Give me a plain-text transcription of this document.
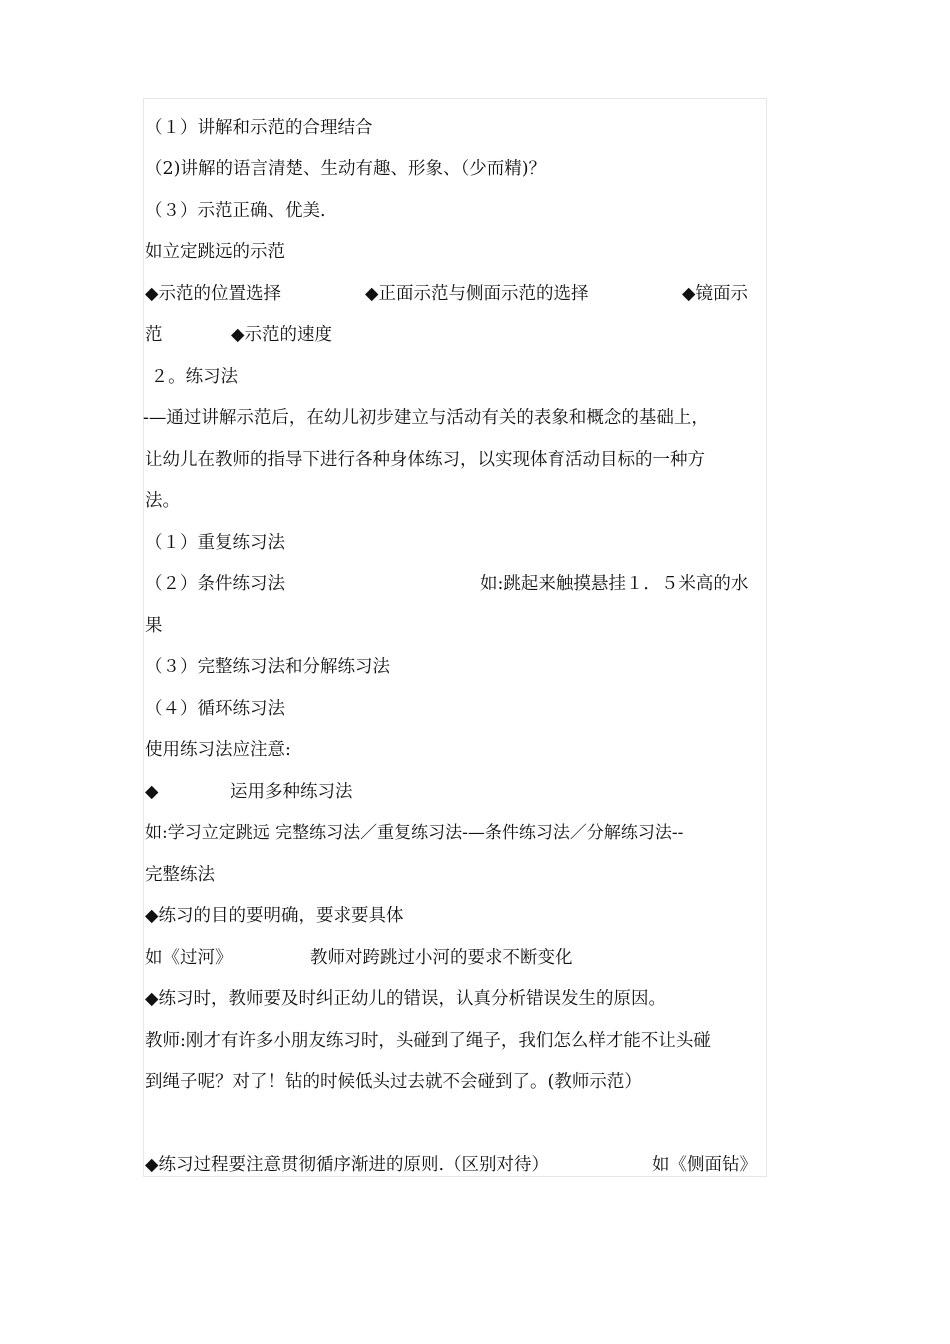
（１）讲解和示范的合理结合
（2)讲解的语言清楚、生动有趣、形象、（少而精)？
（３）示范正确、优美.
如立定跳远的示范
◆示范的位置选择	◆正面示范与侧面示范的选择	◆镜面示
范	◆示范的速度
２。练习法
-—通过讲解示范后，在幼儿初步建立与活动有关的表象和概念的基础上，
让幼儿在教师的指导下进行各种身体练习，以实现体育活动目标的一种方
法。
（１）重复练习法
（２）条件练习法	如:跳起来触摸悬挂１．５米高的水
果
（３）完整练习法和分解练习法
（４）循环练习法
使用练习法应注意:
◆	运用多种练习法
如:学习立定跳远 完整练习法／重复练习法-—条件练习法／分解练习法--
完整练法
◆练习的目的要明确，要求要具体
如《过河》	教师对跨跳过小河的要求不断变化
◆练习时，教师要及时纠正幼儿的错误，认真分析错误发生的原因。
教师:刚才有许多小朋友练习时，头碰到了绳子，我们怎么样才能不让头碰
到绳子呢？对了！钻的时候低头过去就不会碰到了。(教师示范）
◆练习过程要注意贯彻循序渐进的原则.（区别对待）	如《侧面钻》
